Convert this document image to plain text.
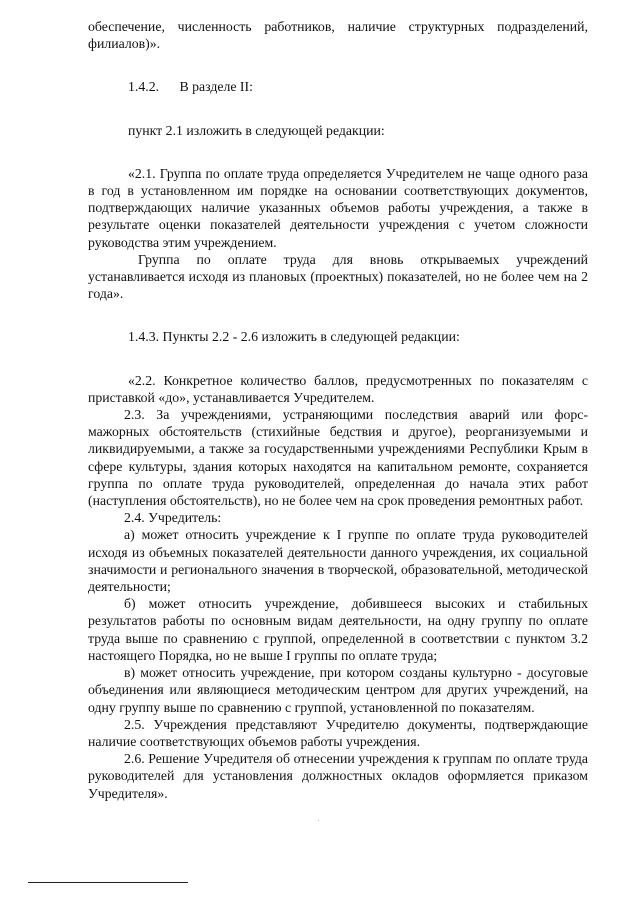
обеспечение, численность работников, наличие структурных подразделений, филиалов)».

1.4.2. В разделе II:

пункт 2.1 изложить в следующей редакции:

«2.1. Группа по оплате труда определяется Учредителем не чаще одного раза в год в установленном им порядке на основании соответствующих документов, подтверждающих наличие указанных объемов работы учреждения, а также в результате оценки показателей деятельности учреждения с учетом сложности руководства этим учреждением.

Группа по оплате труда для вновь открываемых учреждений устанавливается исходя из плановых (проектных) показателей, но не более чем на 2 года».

1.4.3. Пункты 2.2 - 2.6 изложить в следующей редакции:

«2.2. Конкретное количество баллов, предусмотренных по показателям с приставкой «до», устанавливается Учредителем.

2.3. За учреждениями, устраняющими последствия аварий или форс-мажорных обстоятельств (стихийные бедствия и другое), реорганизуемыми и ликвидируемыми, а также за государственными учреждениями Республики Крым в сфере культуры, здания которых находятся на капитальном ремонте, сохраняется группа по оплате труда руководителей, определенная до начала этих работ (наступления обстоятельств), но не более чем на срок проведения ремонтных работ.

2.4. Учредитель:

а) может относить учреждение к I группе по оплате труда руководителей исходя из объемных показателей деятельности данного учреждения, их социальной значимости и регионального значения в творческой, образовательной, методической деятельности;

б) может относить учреждение, добившееся высоких и стабильных результатов работы по основным видам деятельности, на одну группу по оплате труда выше по сравнению с группой, определенной в соответствии с пунктом 3.2 настоящего Порядка, но не выше I группы по оплате труда;

в) может относить учреждение, при котором созданы культурно - досуговые объединения или являющиеся методическим центром для других учреждений, на одну группу выше по сравнению с группой, установленной по показателям.

2.5. Учреждения представляют Учредителю документы, подтверждающие наличие соответствующих объемов работы учреждения.

2.6. Решение Учредителя об отнесении учреждения к группам по оплате труда руководителей для установления должностных окладов оформляется приказом Учредителя».

'
